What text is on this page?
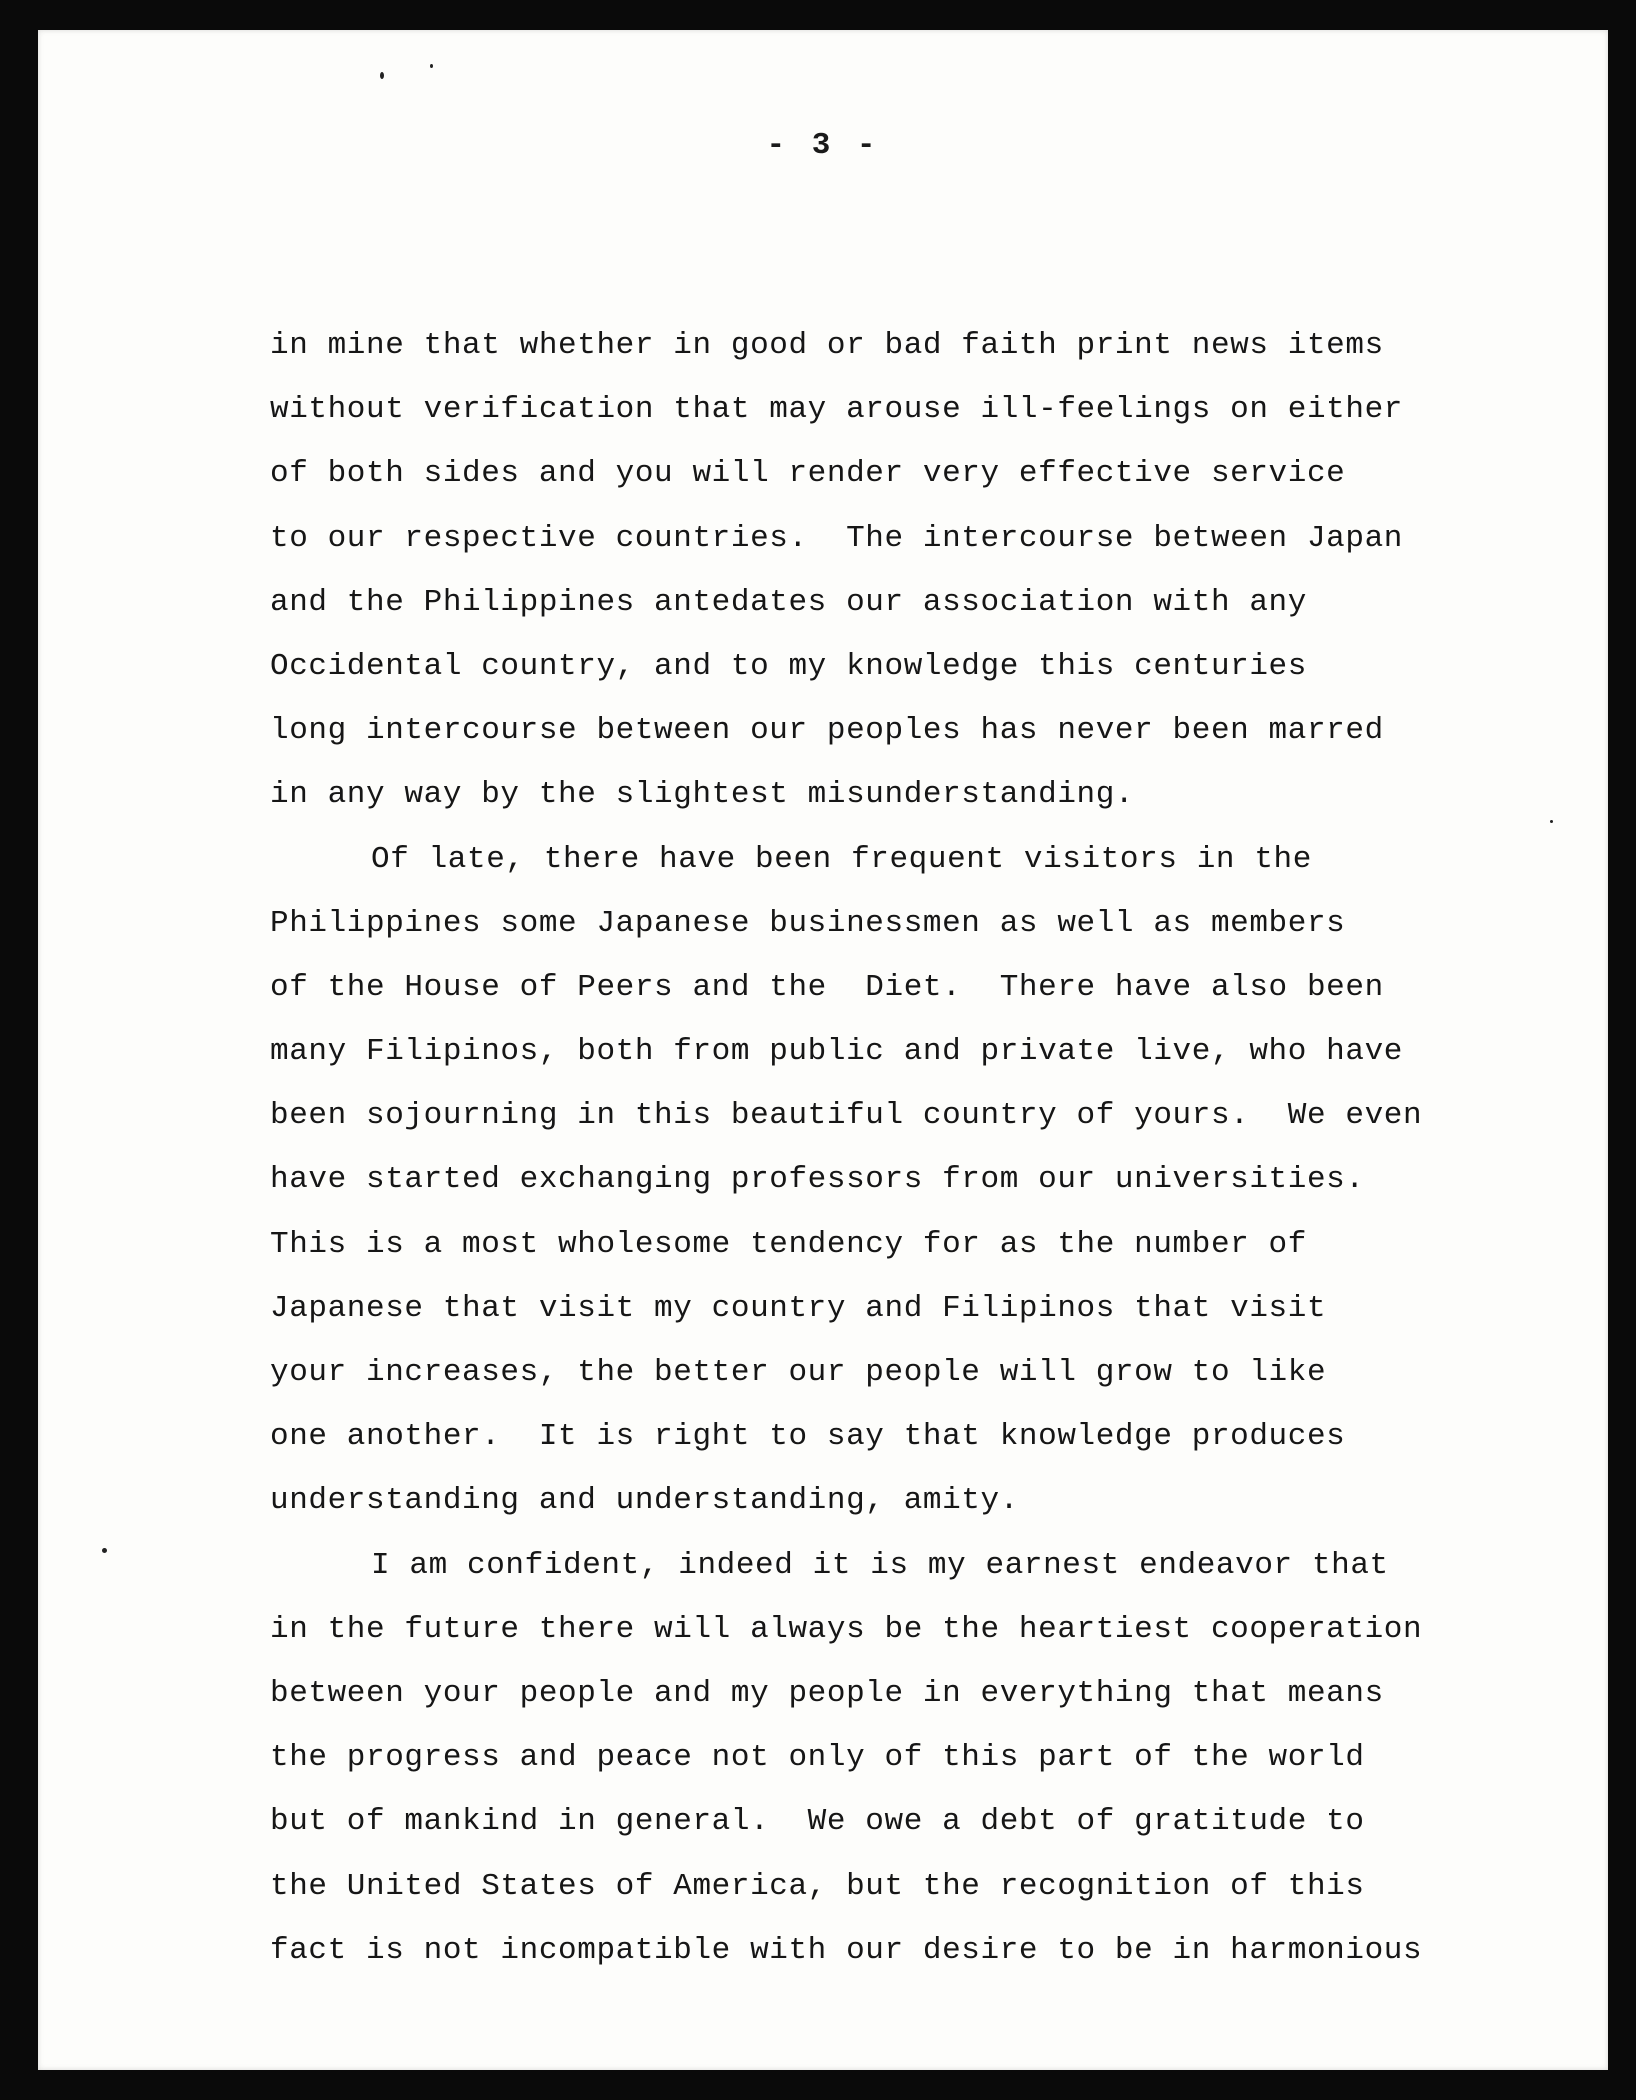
- 3 -
in mine that whether in good or bad faith print news items
without verification that may arouse ill-feelings on either
of both sides and you will render very effective service
to our respective countries.  The intercourse between Japan
and the Philippines antedates our association with any
Occidental country, and to my knowledge this centuries
long intercourse between our peoples has never been marred
in any way by the slightest misunderstanding.
Of late, there have been frequent visitors in the
Philippines some Japanese businessmen as well as members
of the House of Peers and the  Diet.  There have also been
many Filipinos, both from public and private live, who have
been sojourning in this beautiful country of yours.  We even
have started exchanging professors from our universities.
This is a most wholesome tendency for as the number of
Japanese that visit my country and Filipinos that visit
your increases, the better our people will grow to like
one another.  It is right to say that knowledge produces
understanding and understanding, amity.
I am confident, indeed it is my earnest endeavor that
in the future there will always be the heartiest cooperation
between your people and my people in everything that means
the progress and peace not only of this part of the world
but of mankind in general.  We owe a debt of gratitude to
the United States of America, but the recognition of this
fact is not incompatible with our desire to be in harmonious
